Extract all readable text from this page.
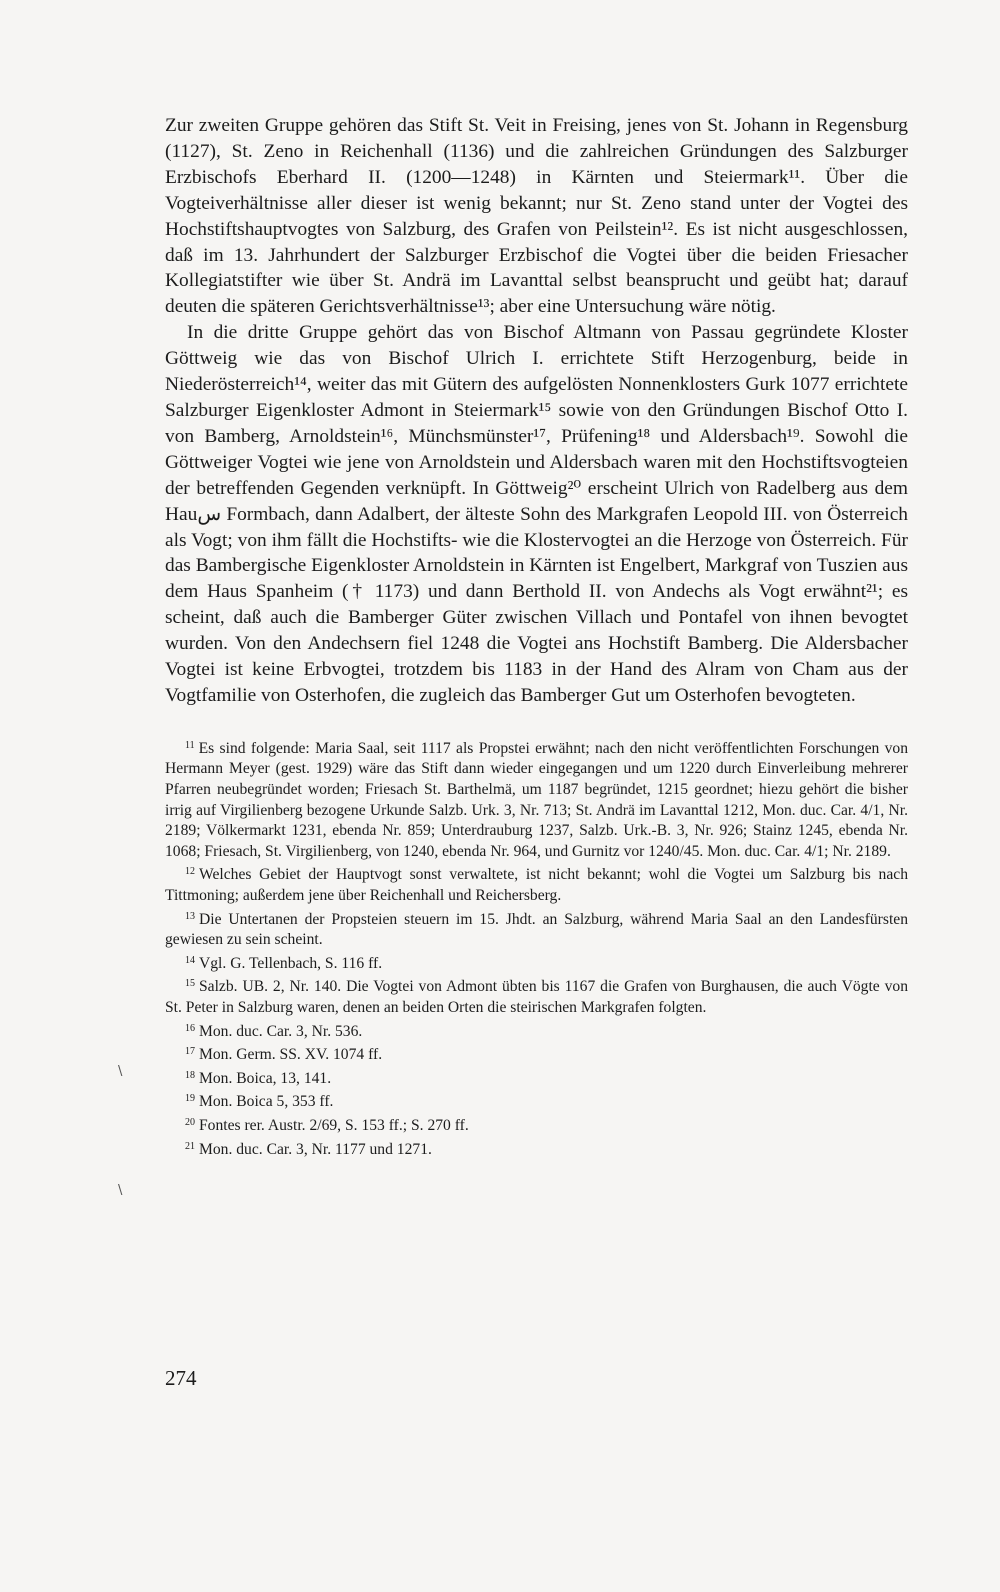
Zur zweiten Gruppe gehören das Stift St. Veit in Freising, jenes von St. Johann in Regensburg (1127), St. Zeno in Reichenhall (1136) und die zahlreichen Gründungen des Salzburger Erzbischofs Eberhard II. (1200—1248) in Kärnten und Steiermark¹¹. Über die Vogteiverhältnisse aller dieser ist wenig bekannt; nur St. Zeno stand unter der Vogtei des Hochstiftshauptvogtes von Salzburg, des Grafen von Peilstein¹². Es ist nicht ausgeschlossen, daß im 13. Jahrhundert der Salzburger Erzbischof die Vogtei über die beiden Friesacher Kollegiatstifter wie über St. Andrä im Lavanttal selbst beansprucht und geübt hat; darauf deuten die späteren Gerichtsverhältnisse¹³; aber eine Untersuchung wäre nötig.

In die dritte Gruppe gehört das von Bischof Altmann von Passau gegründete Kloster Göttweig wie das von Bischof Ulrich I. errichtete Stift Herzogenburg, beide in Niederösterreich¹⁴, weiter das mit Gütern des aufgelösten Nonnenklosters Gurk 1077 errichtete Salzburger Eigenkloster Admont in Steiermark¹⁵ sowie von den Gründungen Bischof Otto I. von Bamberg, Arnoldstein¹⁶, Münchsmünster¹⁷, Prüfening¹⁸ und Aldersbach¹⁹. Sowohl die Göttweiger Vogtei wie jene von Arnoldstein und Aldersbach waren mit den Hochstiftsvogteien der betreffenden Gegenden verknüpft. In Göttweig²⁰ erscheint Ulrich von Radelberg aus dem Hauس Formbach, dann Adalbert, der älteste Sohn des Markgrafen Leopold III. von Österreich als Vogt; von ihm fällt die Hochstifts- wie die Klostervogtei an die Herzoge von Österreich. Für das Bambergische Eigenkloster Arnoldstein in Kärnten ist Engelbert, Markgraf von Tuszien aus dem Haus Spanheim († 1173) und dann Berthold II. von Andechs als Vogt erwähnt²¹; es scheint, daß auch die Bamberger Güter zwischen Villach und Pontafel von ihnen bevogtet wurden. Von den Andechsern fiel 1248 die Vogtei ans Hochstift Bamberg. Die Aldersbacher Vogtei ist keine Erbvogtei, trotzdem bis 1183 in der Hand des Alram von Cham aus der Vogtfamilie von Osterhofen, die zugleich das Bamberger Gut um Osterhofen bevogteten.

$^{11}$ Es sind folgende: Maria Saal, seit 1117 als Propstei erwähnt; nach den nicht veröffentlichten Forschungen von Hermann Meyer (gest. 1929) wäre das Stift dann wieder eingegangen und um 1220 durch Einverleibung mehrerer Pfarren neubegründet worden; Friesach St. Barthelmä, um 1187 begründet, 1215 geordnet; hiezu gehört die bisher irrig auf Virgilienberg bezogene Urkunde Salzb. Urk. 3, Nr. 713; St. Andrä im Lavanttal 1212, Mon. duc. Car. 4/1, Nr. 2189; Völkermarkt 1231, ebenda Nr. 859; Unterdrauburg 1237, Salzb. Urk.-B. 3, Nr. 926; Stainz 1245, ebenda Nr. 1068; Friesach, St. Virgilienberg, von 1240, ebenda Nr. 964, und Gurnitz vor 1240/45. Mon. duc. Car. 4/1; Nr. 2189.

$^{12}$ Welches Gebiet der Hauptvogt sonst verwaltete, ist nicht bekannt; wohl die Vogtei um Salzburg bis nach Tittmoning; außerdem jene über Reichenhall und Reichersberg.

$^{13}$ Die Untertanen der Propsteien steuern im 15. Jhdt. an Salzburg, während Maria Saal an den Landesfürsten gewiesen zu sein scheint.

$^{14}$ Vgl. G. Tellenbach, S. 116 ff.

$^{15}$ Salzb. UB. 2, Nr. 140. Die Vogtei von Admont übten bis 1167 die Grafen von Burghausen, die auch Vögte von St. Peter in Salzburg waren, denen an beiden Orten die steirischen Markgrafen folgten.

$^{16}$ Mon. duc. Car. 3, Nr. 536.

$^{17}$ Mon. Germ. SS. XV. 1074 ff.

$^{18}$ Mon. Boica, 13, 141.

$^{19}$ Mon. Boica 5, 353 ff.

$^{20}$ Fontes rer. Austr. 2/69, S. 153 ff.; S. 270 ff.

$^{21}$ Mon. duc. Car. 3, Nr. 1177 und 1271.

\
\
274
